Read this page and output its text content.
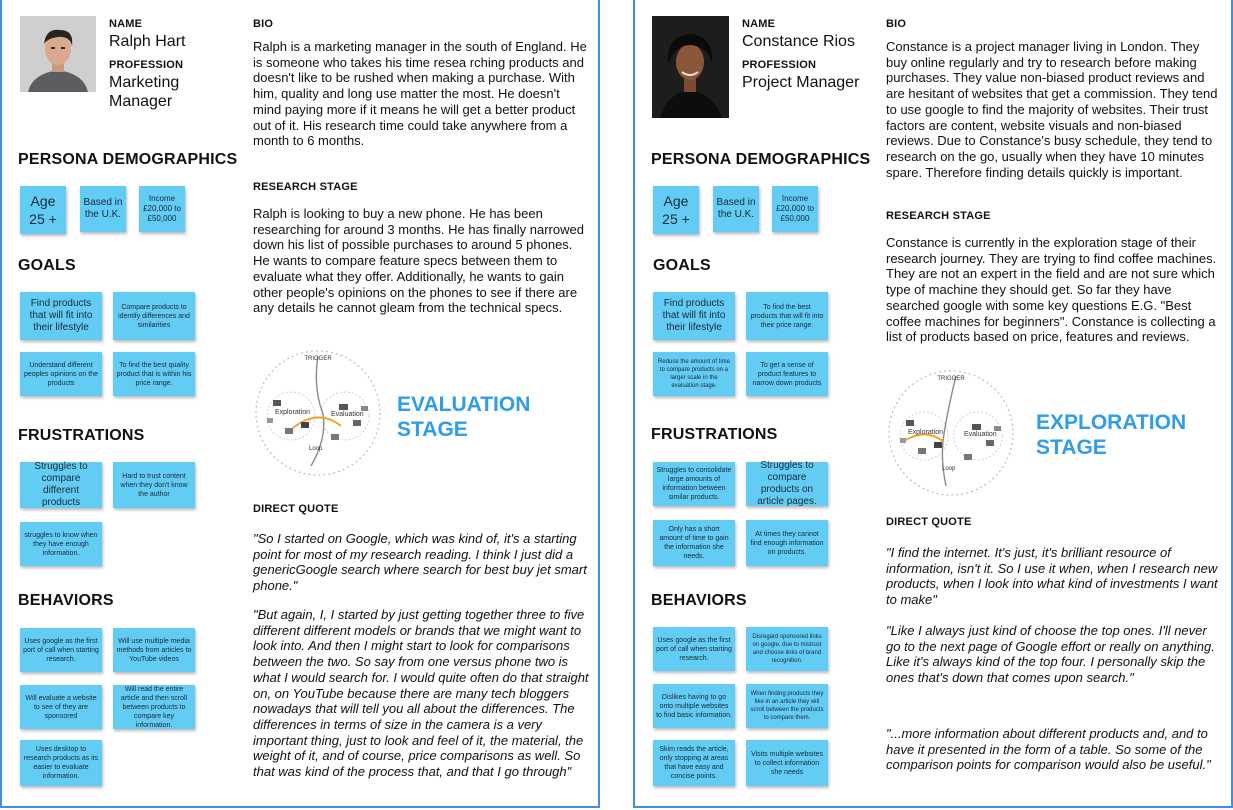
NAME
Ralph Hart
PROFESSION
Marketing
Manager
PERSONA DEMOGRAPHICS
Age
25 +
Based in the U.K.
Income £20,000 to £50,000
GOALS
Find products that will fit into their lifestyle
Compare products to identify differences and similarities
Understand different peoples opinions on the products
To find the best quality product that is within his price range.
FRUSTRATIONS
Struggles to compare different products
Hard to trust content when they don't know the author
struggles to know when they have enough information.
BEHAVIORS
Uses google as the first port of call when starting research.
Will use multiple media methods from articles to YouTube videos
Will evaluate a website to see of they are sponsored
Will read the entire article and then scroll between products to compare key information.
Uses desktop to research products as its easier to evaluate information.
BIO
Ralph is a marketing manager in the south of England. He is someone who takes his time resea rching products and doesn't like to be rushed when making a purchase. With him, quality and long use matter the most. He doesn't mind paying more if it means he will get a better product out of it. His research time could take anywhere from a month to 6 months.
RESEARCH STAGE
Ralph is looking to buy a new phone. He has been researching for around 3 months. He has finally narrowed down his list of possible purchases to around 5 phones. He wants to compare feature specs between them to evaluate what they offer. Additionally, he wants to gain other people's opinions on the phones to see if there are any details he cannot gleam from the technical specs.
TRIGGER
Exploration	Evaluation
Loop
EVALUATION
STAGE
DIRECT QUOTE
"So I started on Google, which was kind of, it's a starting point for most of my research reading. I think I just did a genericGoogle search where search for best buy jet smart phone."
"But again, I, I started by just getting together three to five different different models or brands that we might want to look into. And then I might start to look for comparisons between the two. So say from one versus phone two is what I would search for. I would quite often do that straight on, on YouTube because there are many tech bloggers nowadays that will tell you all about the differences. The differences in terms of size in the camera is a very important thing, just to look and feel of it, the material, the weight of it, and of course, price comparisons as well. So that was kind of the process that, and that I go through"
NAME
Constance Rios
PROFESSION
Project Manager
PERSONA DEMOGRAPHICS
Age
25 +
Based in the U.K.
Income £20,000 to £50,000
GOALS
Find products that will fit into their lifestyle
To find the best products that will fit into their price range.
Reduce the amount of time to compare products on a larger scale in the evaluation stage.
To get a sense of product features to narrow down products
FRUSTRATIONS
Struggles to consolidate large amounts of information between similar products.
Struggles to compare products on article pages.
Only has a short amount of time to gain the information she needs.
At times they cannot find enough information on products.
BEHAVIORS
Uses google as the first port of call when starting research.
Disregard sponsored links on google, due to mistrust and choose links of brand recognition.
Dislikes having to go onto multiple websites to find basic information.
When finding products they like in an article they will scroll between the products to compare them.
Skim reads the article, only stopping at areas that have easy and concise points.
Visits multiple websites to collect information she needs
BIO
Constance is a project manager living in London. They buy online regularly and try to research before making purchases. They value non-biased product reviews and are hesitant of websites that get a commission. They tend to use google to find the majority of websites. Their trust factors are content, website visuals and non-biased reviews. Due to Constance's busy schedule, they tend to research on the go, usually when they have 10 minutes spare. Therefore finding details quickly is important.
RESEARCH STAGE
Constance is currently in the exploration stage of their research journey. They are trying to find coffee machines. They are not an expert in the field and are not sure which type of machine they should get. So far they have searched google with some key questions E.G. "Best coffee machines for beginners". Constance is collecting a list of products based on price, features and reviews.
TRIGGER
Exploration	Evaluation
Loop
EXPLORATION
STAGE
DIRECT QUOTE
"I find the internet. It's just, it's brilliant resource of information, isn't it. So I use it when, when I research new products, when I look into what kind of investments I want to make"
"Like I always just kind of choose the top ones. I'll never go to the next page of Google effort or really on anything. Like it's always kind of the top four. I personally skip the ones that's down that comes upon search."
"...more information about different products and, and to have it presented in the form of a table. So some of the comparison points for comparison would also be useful."
